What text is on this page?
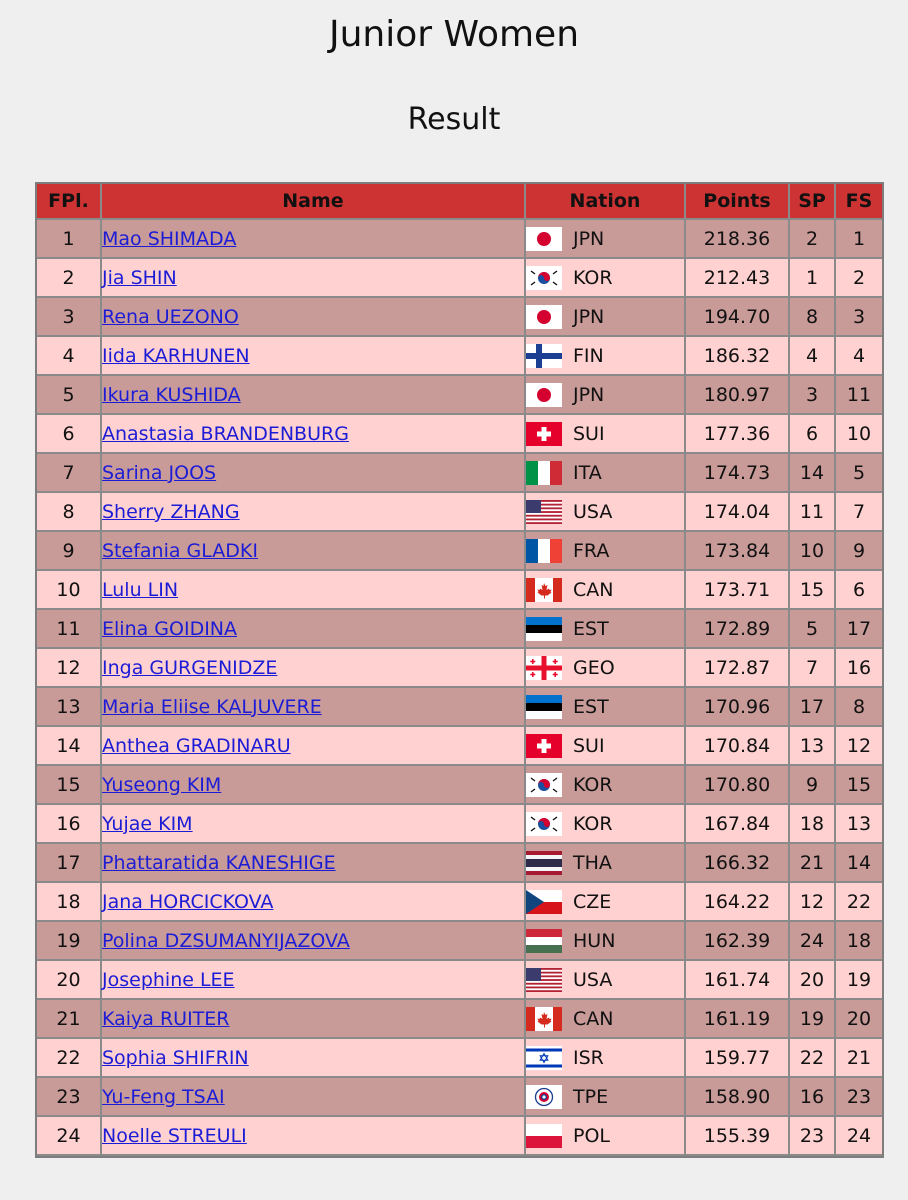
Junior Women
Result
FPl.	Name	Nation	Points	SP	FS
1	Mao SHIMADA	JPN	218.36	2	1
2	Jia SHIN	KOR	212.43	1	2
3	Rena UEZONO	JPN	194.70	8	3
4	Iida KARHUNEN	FIN	186.32	4	4
5	Ikura KUSHIDA	JPN	180.97	3	11
6	Anastasia BRANDENBURG	SUI	177.36	6	10
7	Sarina JOOS	ITA	174.73	14	5
8	Sherry ZHANG	USA	174.04	11	7
9	Stefania GLADKI	FRA	173.84	10	9
10	Lulu LIN	CAN	173.71	15	6
11	Elina GOIDINA	EST	172.89	5	17
12	Inga GURGENIDZE	GEO	172.87	7	16
13	Maria Eliise KALJUVERE	EST	170.96	17	8
14	Anthea GRADINARU	SUI	170.84	13	12
15	Yuseong KIM	KOR	170.80	9	15
16	Yujae KIM	KOR	167.84	18	13
17	Phattaratida KANESHIGE	THA	166.32	21	14
18	Jana HORCICKOVA	CZE	164.22	12	22
19	Polina DZSUMANYIJAZOVA	HUN	162.39	24	18
20	Josephine LEE	USA	161.74	20	19
21	Kaiya RUITER	CAN	161.19	19	20
22	Sophia SHIFRIN	ISR	159.77	22	21
23	Yu-Feng TSAI	TPE	158.90	16	23
24	Noelle STREULI	POL	155.39	23	24
